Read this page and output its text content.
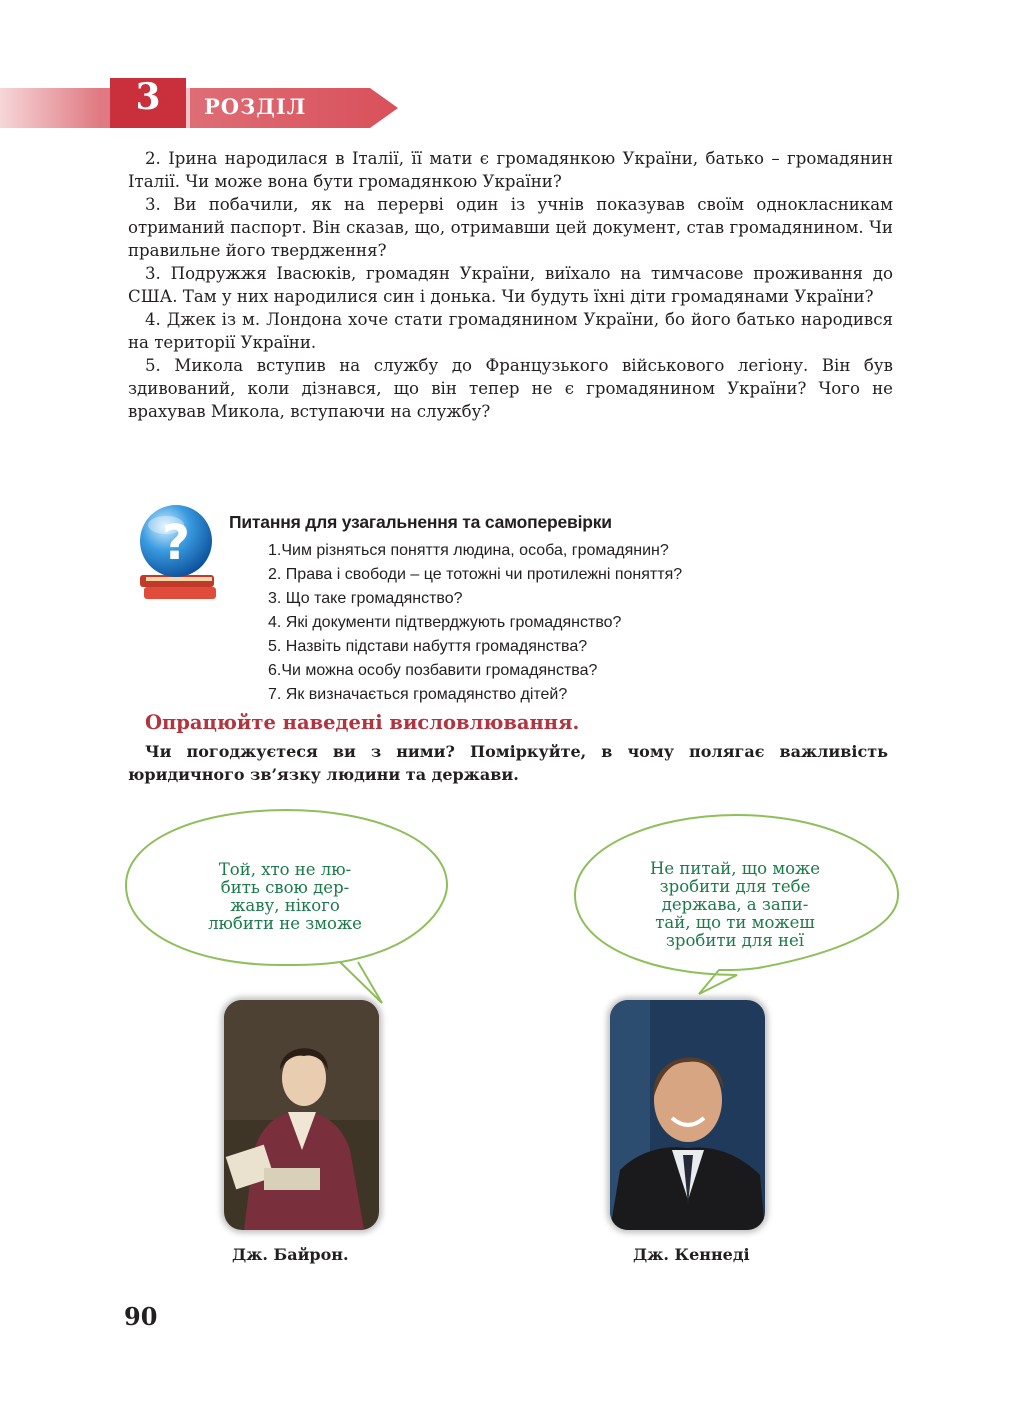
3	РОЗДІЛ

2. Ірина народилася в Італії, її мати є громадянкою України, батько – громадянин Італії. Чи може вона бути громадянкою України?

3. Ви побачили, як на перерві один із учнів показував своїм однокласникам отриманий паспорт. Він сказав, що, отримавши цей документ, став громадянином. Чи правильне його твердження?

3. Подружжя Івасюків, громадян України, виїхало на тимчасове проживання до США. Там у них народилися син і донька. Чи будуть їхні діти громадянами України?

4. Джек із м. Лондона хоче стати громадянином України, бо його батько народився на території України.

5. Микола вступив на службу до Французького військового легіону. Він був здивований, коли дізнався, що він тепер не є громадянином України? Чого не врахував Микола, вступаючи на службу?

? Питання для узагальнення та самоперевірки
1.Чим різняться поняття людина, особа, громадянин?
2. Права і свободи – це тотожні чи протилежні поняття?
3. Що таке громадянство?
4. Які документи підтверджують громадянство?
5. Назвіть підстави набуття громадянства?
6.Чи можна особу позбавити громадянства?
7. Як визначається громадянство дітей?
Опрацюйте наведені висловлювання.
Чи погоджуєтеся ви з ними? Поміркуйте, в чому полягає важливість юридичного зв’язку людини та держави.
Той, хто не лю-
бить свою дер-
жаву, нікого
любити не зможе
Не питай, що може
зробити для тебе
держава, а запи-
тай, що ти можеш
зробити для неї
Дж. Байрон.	Дж. Кеннеді
90
